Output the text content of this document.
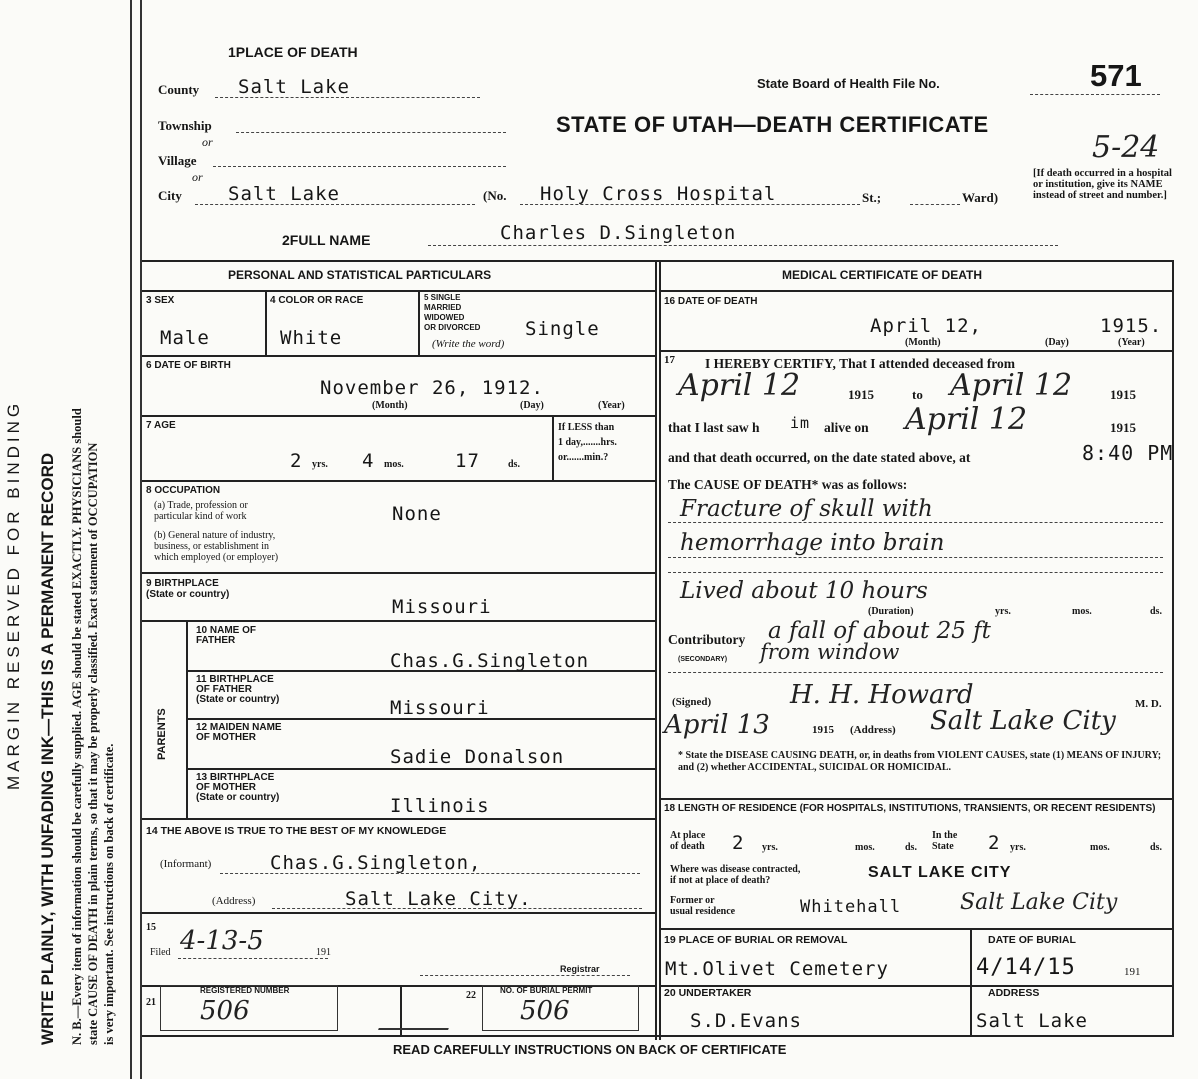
MARGIN RESERVED FOR BINDING WRITE PLAINLY, WITH UNFADING INK—THIS IS A PERMANENT RECORD N. B.—Every item of information should be carefully supplied. AGE should be stated EXACTLY. PHYSICIANS should state CAUSE OF DEATH in plain terms, so that it may be properly classified. Exact statement of OCCUPATION is very important. See instructions on back of certificate.
1PLACE OF DEATH
State Board of Health File No.	571
STATE OF UTAH—DEATH CERTIFICATE
5-24
[If death occurred in a hospital or institution, give its NAME instead of street and number.]
County Salt Lake
Township
or
Village
or
City Salt Lake	(No. Holy Cross Hospital	St.;	Ward)
2FULL NAME	Charles D.Singleton
PERSONAL AND STATISTICAL PARTICULARS
3 SEX
Male
4 COLOR OR RACE
White
5 SINGLE
MARRIED
WIDOWED
OR DIVORCED
(Write the word)
Single
6 DATE OF BIRTH
November 26, 1912.
(Month)	(Day)	(Year)
7 AGE
2 yrs. 4 mos.	17	ds.
If LESS than
1 day,.......hrs.
or.......min.?
8 OCCUPATION
(a) Trade, profession or
particular kind of work
(b) General nature of industry,
business, or establishment in
which employed (or employer)
None
9 BIRTHPLACE
(State or country)
Missouri
PARENTS
10 NAME OF
FATHER
Chas.G.Singleton
11 BIRTHPLACE
OF FATHER
(State or country)	Missouri
12 MAIDEN NAME
OF MOTHER
Sadie Donalson
13 BIRTHPLACE
OF MOTHER
(State or country)	Illinois
14 THE ABOVE IS TRUE TO THE BEST OF MY KNOWLEDGE
(Informant)	Chas.G.Singleton,
(Address)	Salt Lake City.
15
Filed 4-13-5	191
Registrar
21
REGISTERED NUMBER
506
22	NO. OF BURIAL PERMIT
506
MEDICAL CERTIFICATE OF DEATH
16 DATE OF DEATH
April 12,	1915.
(Month)	(Day)	(Year)
17 I HEREBY CERTIFY, That I attended deceased from
April 12	1915	to April 12	1915
that I last saw h im alive on April 12	1915
and that death occurred, on the date stated above, at	8:40 PM
The CAUSE OF DEATH* was as follows:
Fracture of skull with
hemorrhage into brain
Lived about 10 hours
(Duration)	yrs.	mos.	ds.
Contributory
(SECONDARY)
a fall of about 25 ft
from window
(Signed)	H. H. Howard	M. D.
April 13	1915 (Address) Salt Lake City
* State the DISEASE CAUSING DEATH, or, in deaths from VIOLENT CAUSES, state (1) MEANS OF INJURY; and (2) whether ACCIDENTAL, SUICIDAL OR HOMICIDAL.
18 LENGTH OF RESIDENCE (FOR HOSPITALS, INSTITUTIONS, TRANSIENTS, OR RECENT RESIDENTS)
At place
of death 2 yrs.	mos.	ds.
In the
State 2 yrs.	mos.	ds.
Where was disease contracted,
if not at place of death?	SALT LAKE CITY
Former or
usual residence	Whitehall	Salt Lake City
19 PLACE OF BURIAL OR REMOVAL
Mt.Olivet Cemetery
DATE OF BURIAL
4/14/15	191
20 UNDERTAKER
S.D.Evans
ADDRESS
Salt Lake
READ CAREFULLY INSTRUCTIONS ON BACK OF CERTIFICATE
